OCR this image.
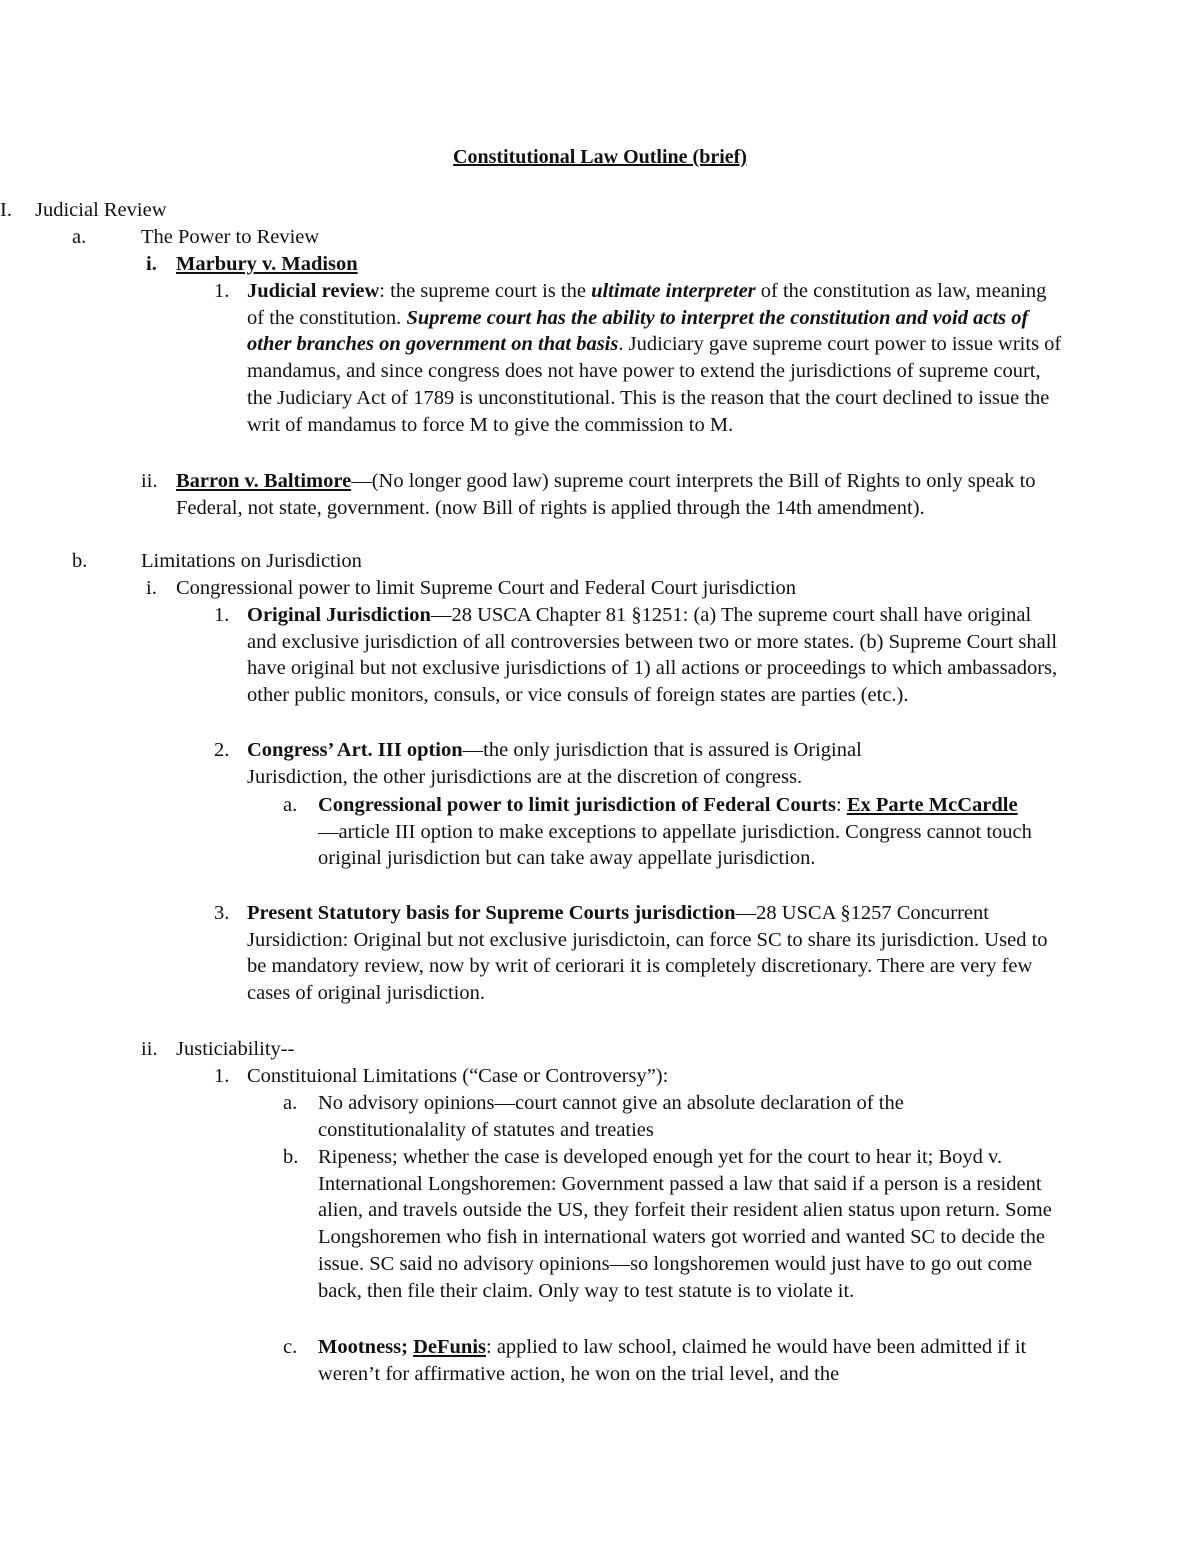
Constitutional Law Outline (brief)
I. Judicial Review
a.	The Power to Review
i. Marbury v. Madison
1. Judicial review: the supreme court is the ultimate interpreter of the constitution as law, meaning of the constitution. Supreme court has the ability to interpret the constitution and void acts of other branches on government on that basis. Judiciary gave supreme court power to issue writs of mandamus, and since congress does not have power to extend the jurisdictions of supreme court, the Judiciary Act of 1789 is unconstitutional. This is the reason that the court declined to issue the writ of mandamus to force M to give the commission to M.
ii. Barron v. Baltimore—(No longer good law) supreme court interprets the Bill of Rights to only speak to Federal, not state, government. (now Bill of rights is applied through the 14th amendment).
b.	Limitations on Jurisdiction
i. Congressional power to limit Supreme Court and Federal Court jurisdiction
1. Original Jurisdiction—28 USCA Chapter 81 §1251: (a) The supreme court shall have original and exclusive jurisdiction of all controversies between two or more states. (b) Supreme Court shall have original but not exclusive jurisdictions of 1) all actions or proceedings to which ambassadors, other public monitors, consuls, or vice consuls of foreign states are parties (etc.).
2. Congress’ Art. III option—the only jurisdiction that is assured is Original Jurisdiction, the other jurisdictions are at the discretion of congress.
a. Congressional power to limit jurisdiction of Federal Courts: Ex Parte McCardle—article III option to make exceptions to appellate jurisdiction. Congress cannot touch original jurisdiction but can take away appellate jurisdiction.
3. Present Statutory basis for Supreme Courts jurisdiction—28 USCA §1257 Concurrent Jursidiction: Original but not exclusive jurisdictoin, can force SC to share its jurisdiction. Used to be mandatory review, now by writ of ceriorari it is completely discretionary. There are very few cases of original jurisdiction.
ii. Justiciability--
1. Constituional Limitations (“Case or Controversy”):
a. No advisory opinions—court cannot give an absolute declaration of the constitutionalality of statutes and treaties
b. Ripeness; whether the case is developed enough yet for the court to hear it; Boyd v. International Longshoremen: Government passed a law that said if a person is a resident alien, and travels outside the US, they forfeit their resident alien status upon return. Some Longshoremen who fish in international waters got worried and wanted SC to decide the issue. SC said no advisory opinions—so longshoremen would just have to go out come back, then file their claim. Only way to test statute is to violate it.
c. Mootness; DeFunis: applied to law school, claimed he would have been admitted if it weren’t for affirmative action, he won on the trial level, and the
